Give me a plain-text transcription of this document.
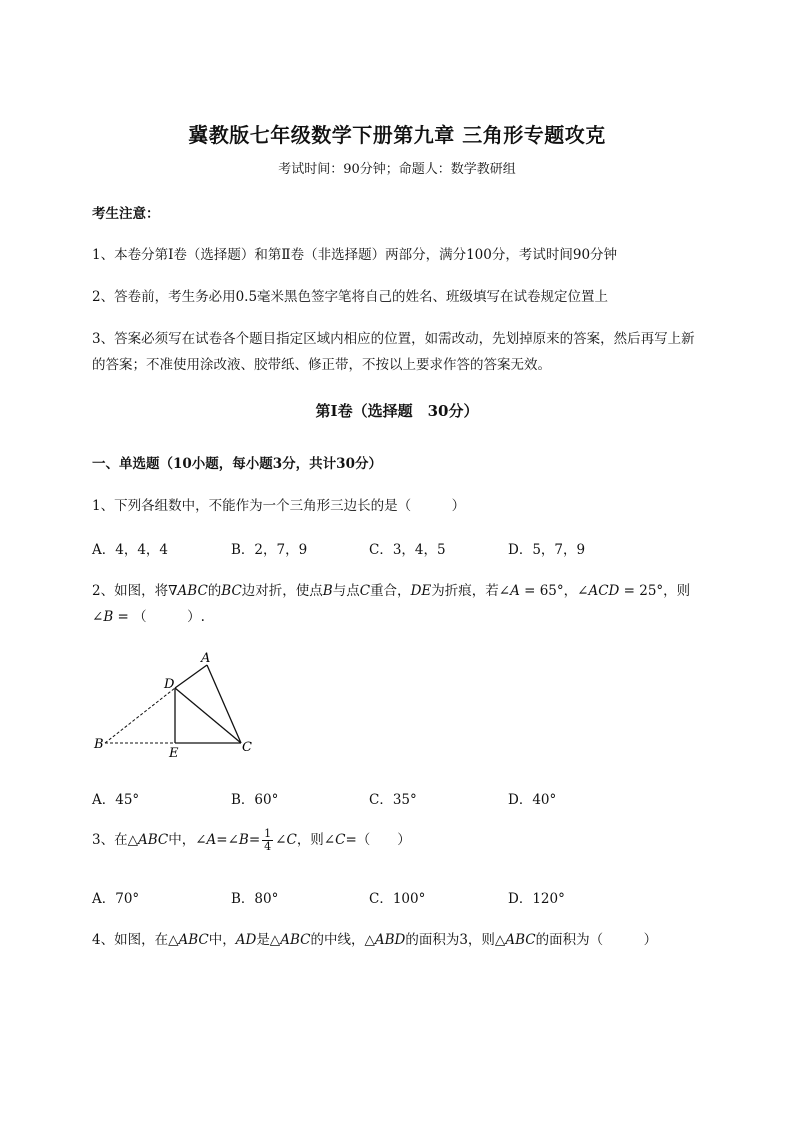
冀教版七年级数学下册第九章 三角形专题攻克
考试时间：90分钟；命题人：数学教研组
考生注意：
1、本卷分第I卷（选择题）和第Ⅱ卷（非选择题）两部分，满分100分，考试时间90分钟
2、答卷前，考生务必用0.5毫米黑色签字笔将自己的姓名、班级填写在试卷规定位置上
3、答案必须写在试卷各个题目指定区域内相应的位置，如需改动，先划掉原来的答案，然后再写上新
的答案；不准使用涂改液、胶带纸、修正带，不按以上要求作答的答案无效。
第I卷（选择题　30分）
一、单选题（10小题，每小题3分，共计30分）
1、下列各组数中，不能作为一个三角形三边长的是（　　　）
A．4，4，4	B．2，7，9	C．3，4，5	D．5，7，9
2、如图，将∇ABC的BC边对折，使点B与点C重合，DE为折痕，若∠A = 65°，∠ACD = 25°，则
∠B = （　　　）.
A
D
B
E	C
A．45°	B．60°	C．35°	D．40°
3、在△ABC中，∠A=∠B= $\frac{1}{4}$ ∠C，则∠C=（　　）
A．70°	B．80°	C．100°	D．120°
4、如图，在△ABC中，AD是△ABC的中线，△ABD的面积为3，则△ABC的面积为（　　　）
